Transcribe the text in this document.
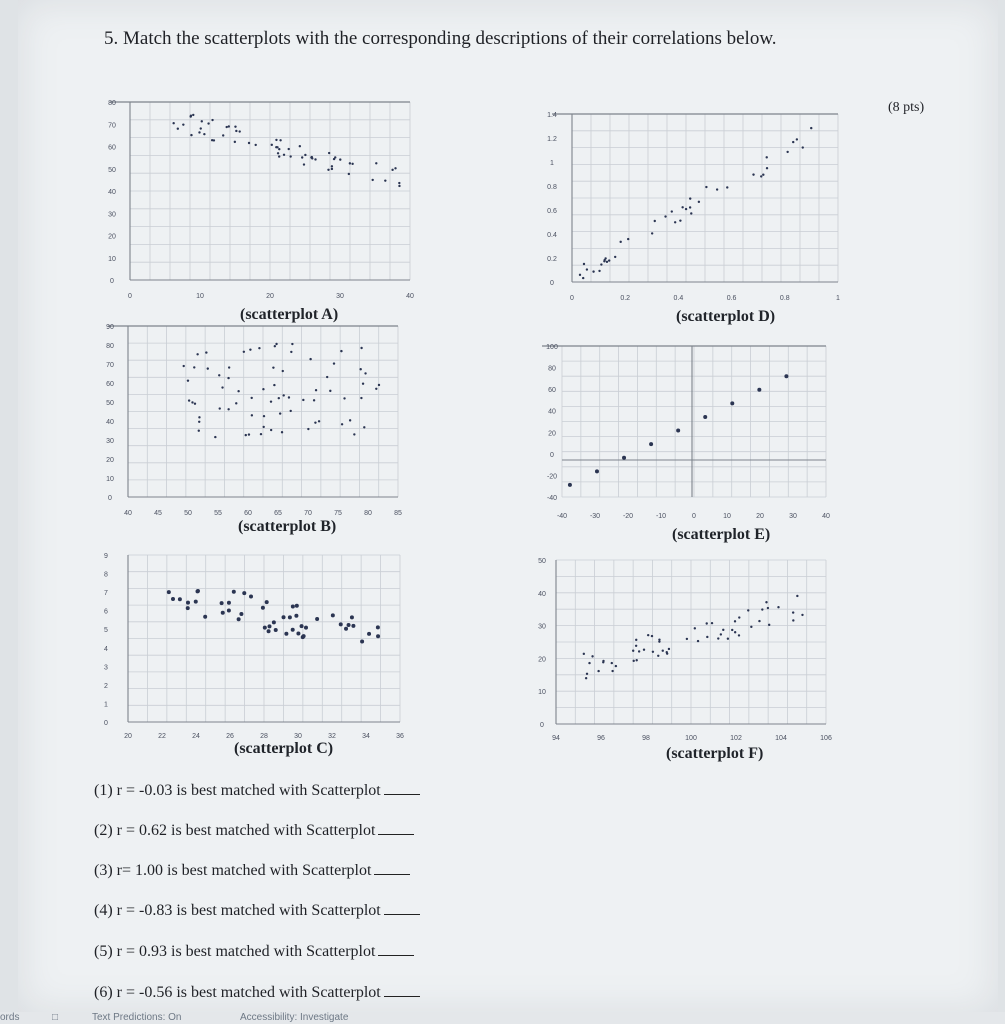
5. Match the scatterplots with the corresponding descriptions of their correlations below.
(8 pts)
80
70
60
50
40
30
20
10
0
0	10	20	30	40
90
80
70
60
50
40
30
20
10
0
40	45	50	55	60	65	70	75	80	85
9
8
7
6
5
4
3
2
1
0
20	22	24	26	28	30	32	34	36
1.4
1.2
1
0.8
0.6
0.4
0.2
0
0	0.2	0.4	0.6	0.8	1
100
80
60
40
20
0
-20
-40
-40	-30	-20	-10	0	10	20	30	40
50
40
30
20
10
0
94	96	98	100	102	104	106
(scatterplot A)
(scatterplot B)
(scatterplot C)
(scatterplot D)
(scatterplot E)
(scatterplot F)
(1) r = -0.03 is best matched with Scatterplot
(2) r = 0.62 is best matched with Scatterplot
(3) r= 1.00 is best matched with Scatterplot
(4) r = -0.83 is best matched with Scatterplot
(5) r = 0.93 is best matched with Scatterplot
(6) r = -0.56 is best matched with Scatterplot
ords	□	Text Predictions: On	Accessibility: Investigate
